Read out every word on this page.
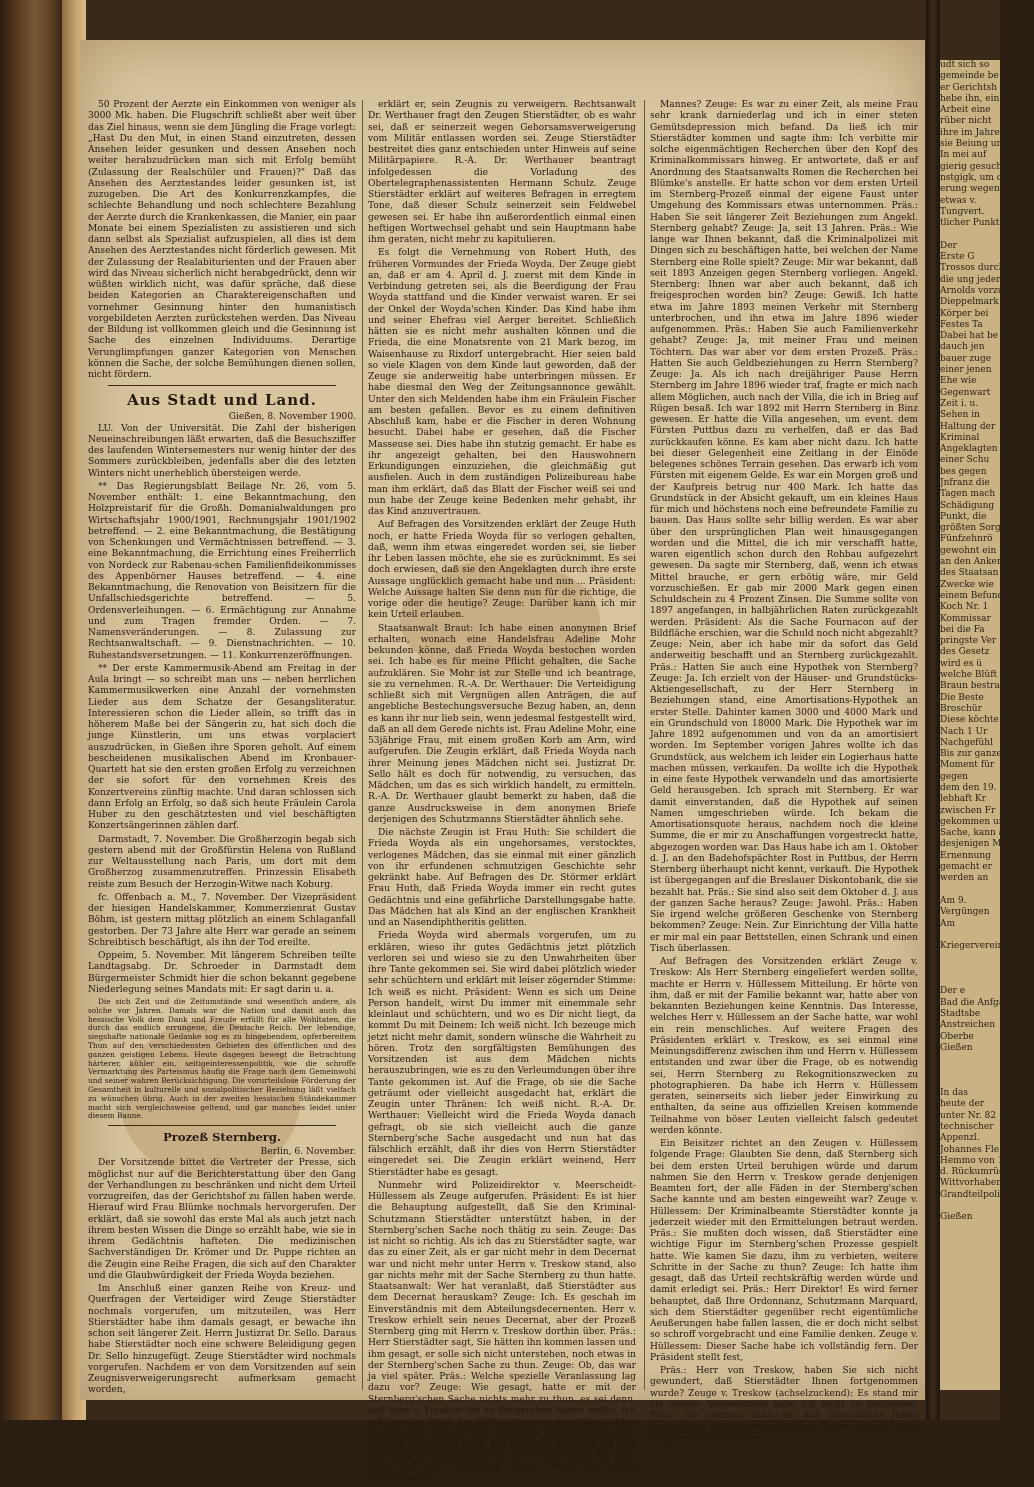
udt sich so

gemeinde be

er Gerichtsh

hebe ihn, ein

Arbeit eine

rüber nicht

ihre im Jahre

sie Beiung un

In mei auf

gierig gesucht

nstgigk, um d

erung wegen

etwas v.

Tungvert.

tlicher Punkt

Der

Erste G

Trossos durch

die ung jeder

Arnolds vorzu

Dieppelmark

Körper bei

Festes Ta

Dabei hat be

dauch jen

bauer zuge

einer jenen

Ehe wie

Gegenwart

Zeit i. u.

Sehen in

Haltung der

Kriminal

Angeklagten

einer Schu

bes gegen

Jnfranz die

Tagen mach

Schädigung

Punkt, die

größten Sorg

Fünfzehnrö

gewohnt ein

an den Ankers

des Staatsan

Zwecke wie

einem Befund

Koch Nr. 1

Kommissar

bei die Fa

pringste Ver

des Gesetz

wird es ü

welche Blüft

Braun bestrab

Die Beste

Broschür

Diese köchte

Nach 1 Ur

Nachgefühl

Bis zur ganzen

Moment für

gegen

dem den 19.

lebhaft Kr

zwischen Fr

gekommen und

Sache, kann aus

desjenigen Man

Ernennung

gemacht er

werden an

Am 9.

Vergüngen

Am

Kriegervereins

Der e

Bad die Anfgabe

Stadtsbe

Anstreichen

Oberbe

Gießen

In das

heute der

unter Nr. 82

technischer

Appenzl.

Johannes Fle

Hemmo von 15

d. Rückumrück

Wittvorhabenschach

Grandteilpoli

Gießen

50 Prozent der Aerzte ein Einkommen von weniger als 3000 Mk. haben. Die Flugschrift schließt aber weit über das Ziel hinaus, wenn sie dem Jüngling die Frage vorlegt: „Hast Du den Mut, in einen Stand einzutreten, dessen Ansehen leider gesunken und dessen Ansehen noch weiter herabzudrücken man sich mit Erfolg bemüht (Zulassung der Realschüler und Frauen)?" Daß das Ansehen des Aerztestandes leider gesunken ist, ist zuzugeben. Die Art des Konkurrenzkampfes, die schlechte Behandlung und noch schlechtere Bezahlung der Aerzte durch die Krankenkassen, die Manier, ein paar Monate bei einem Spezialisten zu assistieren und sich dann selbst als Spezialist aufzuspielen, all dies ist dem Ansehen des Aerztestandes nicht förderlich gewesen. Mit der Zulassung der Realabiturienten und der Frauen aber wird das Niveau sicherlich nicht herabgedrückt, denn wir wüßten wirklich nicht, was dafür spräche, daß diese beiden Kategorien an Charaktereigenschaften und vornehmer Gesinnung hinter den humanistisch vorgebildeten Aerzten zurückstehen werden. Das Niveau der Bildung ist vollkommen gleich und die Gesinnung ist Sache des einzelnen Individuums. Derartige Verunglimpfungen ganzer Kategorien von Menschen können die Sache, der solche Bemühungen dienen sollen, nicht fördern.

Aus Stadt und Land.
Gießen, 8. November 1900.

LU. Von der Universität. Die Zahl der bisherigen Neueinschreibungen läßt erwarten, daß die Besuchsziffer des laufenden Wintersemesters nur wenig hinter der des Sommers zurückbleiben, jedenfalls aber die des letzten Winters nicht unerheblich übersteigen werde.

** Das Regierungsblatt Beilage Nr. 26, vom 5. November enthält: 1. eine Bekanntmachung, den Holzpreistarif für die Großh. Domanialwaldungen pro Wirtschaftsjahr 1900/1901, Rechnungsjahr 1901/1902 betreffend. — 2. eine Bekanntmachung, die Bestätigung von Schenkungen und Vermächtnissen betreffend. — 3. eine Bekanntmachung, die Errichtung eines Freiherrlich von Nordeck zur Rabenau-schen Familienfideikommisses des Appenbörner Hauses betreffend. — 4. eine Bekanntmachung, die Renovation von Beisitzern für die Unfallschiedsgerichte betreffend. — 5. Ordensverleihungen. — 6. Ermächtigung zur Annahme und zum Tragen fremder Orden. — 7. Namensveränderungen. — 8. Zulassung zur Rechtsanwaltschaft. — 9. Dienstnachrichten. — 10. Ruhestandsversetzungen. — 11. Konkurrenzeröffnungen.

** Der erste Kammermusik-Abend am Freitag in der Aula bringt — so schreibt man uns — neben herrlichen Kammermusikwerken eine Anzahl der vornehmsten Lieder aus dem Schatze der Gesangsliteratur. Interessieren schon die Lieder allein, so trifft das in höherem Maße bei der Sängerin zu, hat sich doch die junge Künstlerin, um uns etwas vorplaciert auszudrücken, in Gießen ihre Sporen geholt. Auf einem bescheidenen musikalischen Abend im Kronbauer-Quartett hat sie den ersten großen Erfolg zu verzeichnen der sie sofort für den vornehmen Kreis des Konzertvereins zünftig machte. Und daran schlossen sich dann Erfolg an Erfolg, so daß sich heute Fräulein Carola Huber zu den geschätztesten und viel beschäftigten Konzertsängerinnen zählen darf.

Darmstadt, 7. November. Die Großherzogin begab sich gestern abend mit der Großfürstin Helena von Rußland zur Weltausstellung nach Paris, um dort mit dem Großherzog zusammenzutreffen. Prinzessin Elisabeth reiste zum Besuch der Herzogin-Witwe nach Koburg.

fc. Offenbach a. M., 7. November. Der Vizepräsident der hiesigen Handelskammer, Kommerzienrat Gustav Böhm, ist gestern mittag plötzlich an einem Schlaganfall gestorben. Der 73 Jahre alte Herr war gerade an seinem Schreibtisch beschäftigt, als ihn der Tod ereilte.

Oppeim, 5. November. Mit längerem Schreiben teilte Landtagsabg. Dr. Schroeder in Darmstadt dem Bürgermeister Schmidt hier die schon bekannt gegebene Niederlegung seines Mandats mit: Er sagt darin u. a.

Die sich Zeit und die Zeitumstände sind wesentlich andere, als solche vor Jahren. Damals war die Nation und damit auch das hessische Volk dem Dank und Freude erfüllt für alle Wohltaten, die durch das endlich errungene, die Deutsche Reich. Der lebendige, siegshafte nationale Gedanke sog es zu hingebendem, opferbereitem Thun auf den verschiedensten Gebieten des öffentlichen und des ganzen geistigen Lebens. Heute dagegen bewegt die Betrachtung härterer, kühler ein, seitigeinteressenpolitik, wie die schroffe Vermarktung des Parteismus häufig die Frage nach dem Gemeinwohl und seiner wahren Berücksichtigung. Die vorurteilslose Förderung der Gesamtheit in kulturelle und sozialpolitischer Beziehung läßt vielfach zu wünschen übrig. Auch in der zweiten hessischen Ständekammer macht sich vergleichsweise geltend, und gar manches leidet unter diesem Banne.

Prozeß Sternberg.
Berlin, 6. November.

Der Vorsitzende bittet die Vertreter der Presse, sich möglichst nur auf die Berichterstattung über den Gang der Verhandlungen zu beschränken und nicht dem Urteil vorzugreifen, das der Gerichtshof zu fällen haben werde. Hierauf wird Frau Blümke nochmals hervorgerufen. Der erklärt, daß sie sowohl das erste Mal als auch jetzt nach ihrem besten Wissen die Dinge so erzählt habe, wie sie in ihrem Gedächtnis hafteten. Die medizinischen Sachverständigen Dr. Krömer und Dr. Puppe richten an die Zeugin eine Reihe Fragen, die sich auf den Charakter und die Glaubwürdigkeit der Frieda Woyda beziehen.

Im Anschluß einer ganzen Reihe von Kreuz- und Querfragen der Verteidiger wird Zeuge Stierstädter nochmals vorgerufen, um mitzuteilen, was Herr Stierstädter habe ihm damals gesagt, er bewache ihn schon seit längerer Zeit. Herrn Justizrat Dr. Sello. Daraus habe Stierstädter noch eine schwere Beleidigung gegen Dr. Sello hinzugefügt. Zeuge Stierstädter wird nochmals vorgerufen. Nachdem er von dem Vorsitzenden auf sein Zeugnisverweigerungsrecht aufmerksam gemacht worden,

erklärt er, sein Zeugnis zu verweigern. Rechtsanwalt Dr. Werthauer fragt den Zeugen Stierstädter, ob es wahr sei, daß er seinerzeit wegen Gehorsamsverweigerung vom Militär entlassen worden sei. Zeuge Stierstädter bestreitet dies ganz entschieden unter Hinweis auf seine Militärpapiere. R.-A. Dr. Werthauer beantragt infolgedessen die Vorladung des Obertelegraphenassistenten Hermann Schulz. Zeuge Stierstädter erklärt auf weiteres Befragen in erregtem Tone, daß dieser Schulz seinerzeit sein Feldwebel gewesen sei. Er habe ihn außerordentlich einmal einen heftigen Wortwechsel gehabt und sein Hauptmann habe ihm geraten, nicht mehr zu kapitulieren.

Es folgt die Vernehmung von Robert Huth, des früheren Vormundes der Frieda Woyda. Der Zeuge giebt an, daß er am 4. April d. J. zuerst mit dem Kinde in Verbindung getreten sei, als die Beerdigung der Frau Woyda stattfand und die Kinder verwaist waren. Er sei der Onkel der Woyda'schen Kinder. Das Kind habe ihm und seiner Ehefrau viel Aerger bereitet. Schließlich hätten sie es nicht mehr aushalten können und die Frieda, die eine Monatsrente von 21 Mark bezog, im Waisenhause zu Rixdorf untergebracht. Hier seien bald so viele Klagen von dem Kinde laut geworden, daß der Zeuge sie anderweitig habe unterbringen müssen. Er habe diesmal den Weg der Zeitungsannonce gewählt. Unter den sich Meldenden habe ihm ein Fräulein Fischer am besten gefallen. Bevor es zu einem definitiven Abschluß kam, habe er die Fischer in deren Wohnung besucht. Dabei habe er gesehen, daß die Fischer Masseuse sei. Dies habe ihn stutzig gemacht. Er habe es ihr angezeigt gehalten, bei den Hauswohnern Erkundigungen einzuziehen, die gleichmäßig gut ausfielen. Auch in dem zuständigen Polizeibureau habe man ihm erklärt, daß das Blatt der Fischer weiß sei und nun habe der Zeuge keine Bedenken mehr gehabt, ihr das Kind anzuvertrauen.

Auf Befragen des Vorsitzenden erklärt der Zeuge Huth noch, er hatte Frieda Woyda für so verlogen gehalten, daß, wenn ihm etwas eingeredet worden sei, sie lieber ihr Leben lassen möchte, ehe sie es zurücknimmt. Es sei doch erwiesen, daß sie den Angeklagten durch ihre erste Aussage unglücklich gemacht habe und nun ... Präsident: Welche Aussage halten Sie denn nun für die richtige, die vorige oder die heutige? Zeuge: Darüber kann ich mir kein Urteil erlauben.

Staatsanwalt Braut: Ich habe einen anonymen Brief erhalten, wonach eine Handelsfrau Adeline Mohr bekunden könne, daß Frieda Woyda bestochen worden sei. Ich habe es für meine Pflicht gehalten, die Sache aufzuklären. Sie Mohr ist zur Stelle und ich beantrage, sie zu vernehmen. R.-A. Dr. Werthauer: Die Verteidigung schließt sich mit Vergnügen allen Anträgen, die auf angebliche Bestechungsversuche Bezug haben, an, denn es kann ihr nur lieb sein, wenn jedesmal festgestellt wird, daß an all dem Gerede nichts ist. Frau Adeline Mohr, eine 53jährige Frau, mit einem großen Korb am Arm, wird aufgerufen. Die Zeugin erklärt, daß Frieda Woyda nach ihrer Meinung jenes Mädchen nicht sei. Justizrat Dr. Sello hält es doch für notwendig, zu versuchen, das Mädchen, um das es sich wirklich handelt, zu ermitteln. R.-A. Dr. Werthauer glaubt bemerkt zu haben, daß die ganze Ausdrucksweise in dem anonymen Briefe derjenigen des Schutzmanns Stierstädter ähnlich sehe.

Die nächste Zeugin ist Frau Huth: Sie schildert die Frieda Woyda als ein ungehorsames, verstocktes, verlogenes Mädchen, das sie einmal mit einer gänzlich von ihr erfundenen schmutzigen Geschichte sehr gekränkt habe. Auf Befragen des Dr. Störmer erklärt Frau Huth, daß Frieda Woyda immer ein recht gutes Gedächtnis und eine gefährliche Darstellungsgabe hatte. Das Mädchen hat als Kind an der englischen Krankheit und an Nasendiphtheritis gelitten.

Frieda Woyda wird abermals vorgerufen, um zu erklären, wieso ihr gutes Gedächtnis jetzt plötzlich verloren sei und wieso sie zu den Unwahrheiten über ihre Tante gekommen sei. Sie wird dabei plötzlich wieder sehr schüchtern und erklärt mit leiser zögernder Stimme: Ich weiß es nicht. Präsident: Wenn es sich um Deine Person handelt, wirst Du immer mit einemmale sehr kleinlaut und schüchtern, und wo es Dir nicht liegt, da kommt Du mit Deinem: Ich weiß nicht. Ich bezeuge mich jetzt nicht mehr damit, sondern wünsche die Wahrheit zu hören. Trotz den sorgfältigsten Bemühungen des Vorsitzenden ist aus dem Mädchen nichts herauszubringen, wie es zu den Verleumdungen über ihre Tante gekommen ist. Auf die Frage, ob sie die Sache geträumt oder vielleicht ausgedacht hat, erklärt die Zeugin unter Thränen: Ich weiß nicht. R.-A. Dr. Werthauer: Vielleicht wird die Frieda Woyda danach gefragt, ob sie sich vielleicht auch die ganze Sternberg'sche Sache ausgedacht und nun hat das fälschlich erzählt, daß ihr dies von Herrn Stierstädter eingeredet sei. Die Zeugin erklärt weinend, Herr Stierstädter habe es gesagt.

Nunmehr wird Polizeidirektor v. Meerscheidt-Hüllessem als Zeuge aufgerufen. Präsident: Es ist hier die Behauptung aufgestellt, daß Sie den Kriminal-Schutzmann Stierstädter unterstützt haben, in der Sternberg'schen Sache noch thätig zu sein. Zeuge: Das ist nicht so richtig. Als ich das zu Stierstädter sagte, war das zu einer Zeit, als er gar nicht mehr in dem Decernat war und nicht mehr unter Herrn v. Treskow stand, also gar nichts mehr mit der Sache Sternberg zu thun hatte. Staatsanwalt: Wer hat veranlaßt, daß Stierstädter aus dem Decernat herauskam? Zeuge: Ich. Es geschah im Einverständnis mit dem Abteilungsdecernenten. Herr v. Treskow erhielt sein neues Decernat, aber der Prozeß Sternberg ging mit Herrn v. Treskow dorthin über. Präs.: Herr Stierstädter sagt, Sie hätten ihn kommen lassen und ihm gesagt, er solle sich nicht unterstehen, noch etwas in der Sternberg'schen Sache zu thun. Zeuge: Ob, das war ja viel später. Präs.: Welche spezielle Veranlassung lag dazu vor? Zeuge: Wie gesagt, hatte er mit der Sternberg'schen Sache nichts mehr zu thun, es sei denn, daß Herr v. Treskow ihn zu Recherchen haben wollte. Ich erfuhr aber durch die Mitteilung eines mir unbekannten Mannes, der sich als Maler Normann unterzeichnete, daß er doch wiederholt noch bei Blümke's gewesen sei und dies hielt ich Stierstädter vor. Präs.: Das thaten Sie doch wohl auf die Mitteilung eines Ihnen bis dahin unbekannten

Mannes? Zeuge: Es war zu einer Zeit, als meine Frau sehr krank darniederlag und ich in einer steten Gemütsdepression mich befand. Da ließ ich mir Stierstädter kommen und sagte ihm: Ich verbitte mir solche eigenmächtigen Recherchen über den Kopf des Kriminalkommissars hinweg. Er antwortete, daß er auf Anordnung des Staatsanwalts Romen die Recherchen bei Blümke's anstelle. Er hatte schon vor dem ersten Urteil im Sternberg-Prozeß einmal der eigene Faust unter Umgehung des Kommissars etwas unternommen. Präs.: Haben Sie seit längerer Zeit Beziehungen zum Angekl. Sternberg gehabt? Zeuge: Ja, seit 13 Jahren. Präs.: Wie lange war Ihnen bekannt, daß die Kriminalpolizei mit Dingen sich zu beschäftigen hatte, bei welchen der Name Sternberg eine Rolle spielt? Zeuge: Mir war bekannt, daß seit 1893 Anzeigen gegen Sternberg vorliegen. Angekl. Sternberg: Ihnen war aber auch bekannt, daß ich freigesprochen worden bin? Zeuge: Gewiß. Ich hatte etwa im Jahre 1893 meinen Verkehr mit Sternberg unterbrochen, und ihn etwa im Jahre 1896 wieder aufgenommen. Präs.: Haben Sie auch Familienverkehr gehabt? Zeuge: Ja, mit meiner Frau und meinen Töchtern. Das war aber vor dem ersten Prozeß. Präs.: Hatten Sie auch Geldbeziehungen zu Herrn Sternberg? Zeuge: Ja. Als ich nach dreijähriger Pause Herrn Sternberg im Jahre 1896 wieder traf, fragte er mich nach allem Möglichen, auch nach der Villa, die ich in Brieg auf Rügen besaß. Ich war 1892 mit Herrn Sternberg in Binz gewesen. Er hatte die Villa angesehen, um event. dem Fürsten Puttbus dazu zu verhelfen, daß er das Bad zurückkaufen könne. Es kam aber nicht dazu. Ich hatte bei dieser Gelegenheit eine Zeitlang in der Einöde belegenes schönes Terrain gesehen. Das erwarb ich vom Fürsten mit eigenem Gelde. Es war ein Morgen groß und der Kaufpreis betrug nur 400 Mark. Ich hatte das Grundstück in der Absicht gekauft, um ein kleines Haus für mich und höchstens noch eine befreundete Familie zu bauen. Das Haus sollte sehr billig werden. Es war aber über den ursprünglichen Plan weit hinausgegangen worden und die Mittel, die ich mir verschafft hatte, waren eigentlich schon durch den Rohbau aufgezehrt gewesen. Da sagte mir Sternberg, daß, wenn ich etwas Mittel brauche, er gern erbötig wäre, mir Geld vorzuschießen. Er gab mir 2000 Mark gegen einen Schuldschein zu 4 Prozent Zinsen. Die Summe sollte von 1897 angefangen, in halbjährlichen Raten zurückgezahlt werden. Präsident: Als die Sache Fournacon auf der Bildfläche erschien, war die Schuld noch nicht abgezahlt? Zeuge: Nein, aber ich habe mir da sofort das Geld anderweitig beschafft und an Sternberg zurückgezahlt. Präs.: Hatten Sie auch eine Hypothek von Sternberg? Zeuge: Ja. Ich erzielt von der Häuser- und Grundstücks-Aktiengesellschaft, zu der Herr Sternberg in Beziehungen stand, eine Amortisations-Hypothek an erster Stelle. Dahinter kamen 3000 und 4000 Mark und ein Grundschuld von 18000 Mark. Die Hypothek war im Jahre 1892 aufgenommen und von da an amortisiert worden. Im September vorigen Jahres wollte ich das Grundstück, aus welchem ich leider ein Logierhaus hatte machen müssen, verkaufen. Da wollte ich die Hypothek in eine feste Hypothek verwandeln und das amortisierte Geld herausgeben. Ich sprach mit Sternberg. Er war damit einverstanden, daß die Hypothek auf seinen Namen umgeschrieben würde. Ich bekam die Amortisationsquote heraus, nachdem noch die kleine Summe, die er mir zu Anschaffungen vorgestreckt hatte, abgezogen worden war. Das Haus habe ich am 1. Oktober d. J. an den Badehofspächter Rost in Puttbus, der Herrn Sternberg überhaupt nicht kennt, verkauft. Die Hypothek ist übergegangen auf die Breslauer Diskontobank, die sie bezahlt hat. Präs.: Sie sind also seit dem Oktober d. J. aus der ganzen Sache heraus? Zeuge: Jawohl. Präs.: Haben Sie irgend welche größeren Geschenke von Sternberg bekommen? Zeuge: Nein. Zur Einrichtung der Villa hatte er mir mal ein paar Bettstellen, einen Schrank und einen Tisch überlassen.

Auf Befragen des Vorsitzenden erklärt Zeuge v. Treskow: Als Herr Sternberg eingeliefert werden sollte, machte er Herrn v. Hüllessem Mitteilung. Er hörte von ihm, daß er mit der Familie bekannt war, hatte aber von bekannten Beziehungen keine Kenntnis. Das Interesse, welches Herr v. Hüllessem an der Sache hatte, war wohl ein rein menschliches. Auf weitere Fragen des Präsidenten erklärt v. Treskow, es sei einmal eine Meinungsdifferenz zwischen ihm und Herrn v. Hüllessem entstanden und zwar über die Frage, ob es notwendig sei, Herrn Sternberg zu Rekognitionszwecken zu photographieren. Da habe ich Herrn v. Hüllessem geraten, seinerseits sich lieber jeder Einwirkung zu enthalten, da seine aus offiziellen Kreisen kommende Teilnahme von böser Leuten vielleicht falsch gedeutet werden könnte.

Ein Beisitzer richtet an den Zeugen v. Hüllessem folgende Frage: Glaubten Sie denn, daß Sternberg sich bei dem ersten Urteil beruhigen würde und darum nahmen Sie den Herrn v. Treskow gerade denjenigen Beamten fort, der alle Fäden in der Sternberg'schen Sache kannte und am besten eingeweiht war? Zeuge v. Hüllessem: Der Kriminalbeamte Stierstädter konnte ja jederzeit wieder mit den Ermittelungen betraut werden. Präs.: Sie mußten doch wissen, daß Stierstädter eine wichtige Figur im Sternberg'schen Prozesse gespielt hatte. Wie kamen Sie dazu, ihm zu verbieten, weitere Schritte in der Sache zu thun? Zeuge: Ich hatte ihm gesagt, daß das Urteil rechtskräftig werden würde und damit erledigt sei. Präs.: Herr Direktor! Es wird ferner behauptet, daß Ihre Ordonnanz, Schutzmann Marquard, sich dem Stierstädter gegenüber recht eigentümliche Aeußerungen habe fallen lassen, die er doch nicht selbst so schroff vorgebracht und eine Familie denken. Zeuge v. Hüllessem: Dieser Sache habe ich vollständig fern. Der Präsident stellt fest,

Präs.: Herr von Treskow, haben Sie sich nicht gewundert, daß Stierstädter Ihnen fortgenommen wurde? Zeuge v. Treskow (achselzuckend): Es stand mir als meiner Vorgesetzten habe ich nicht zu kritisieren. Präs.: Sie nehmen doch an, daß Stierstädter Ihnen wesentliche Dienste geleistet hat? Zeuge: Jawohl, aber ich gebe mich zufrieden.
